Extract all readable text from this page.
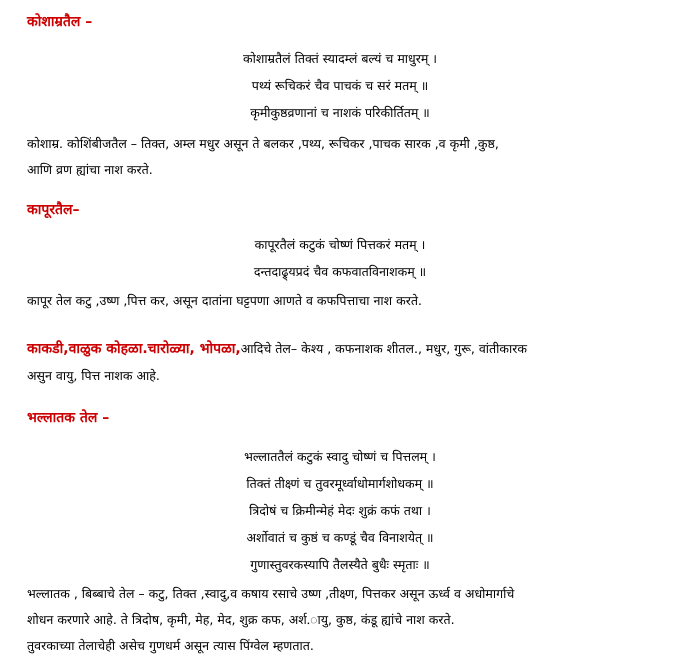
कोशाम्रतैल –
कोशाम्रतैलं तिक्तं स्यादम्लं बल्यं च माधुरम् ।
पथ्यं रूचिकरं चैव पाचकं च सरं मतम् ॥
कृमीकुष्ठव्रणानां च नाशकं परिकीर्तितम् ॥
कोशाम्र. कोशिंबीजतैल – तिक्त, अम्ल मधुर असून ते बलकर ,पथ्य, रूचिकर ,पाचक सारक ,व कृमी ,कुष्ठ,
आणि व्रण ह्यांचा नाश करते.
कापूरतैल–
कापूरतैलं कटुकं चोष्णं पित्तकरं मतम् ।
दन्तदाढ्र्यप्रदं चैव कफवातविनाशकम् ॥
कापूर तेल कटु ,उष्ण ,पित्त कर, असून दातांना घट्टपणा आणते व कफपित्ताचा नाश करते.
काकडी,वाळुक कोहळा.चारोळ्या, भोपळा,आदिचे तेल– केश्य , कफनाशक शीतल., मधुर, गुरू, वांतीकारक
असुन वायु, पित्त नाशक आहे.
भल्लातक तेल –
भल्लाततैलं कटुकं स्वादु चोष्णं च पित्तलम् ।
तिक्तं तीक्ष्णं च तुवरमूर्ध्वाधोमार्गशोधकम् ॥
त्रिदोषं च क्रिमीन्मेहं मेदः शुक्रं कफं तथा ।
अर्शोवातं च कुष्ठं च कण्डूं चैव विनाशयेत् ॥
गुणास्तुवरकस्यापि तैलस्यैते बुधैः स्मृताः ॥
भल्लातक , बिब्बाचे तेल – कटु, तिक्त ,स्वादु,व कषाय रसाचे उष्ण ,तीक्ष्ण, पित्तकर असून ऊर्ध्व व अधोमार्गाचे
शोधन करणारे आहे. ते त्रिदोष, कृमी, मेह, मेद, शुक्र कफ, अर्श.ायु, कुष्ठ, कंडू ह्यांचे नाश करते.
तुवरकाच्या तेलाचेही असेच गुणधर्म असून त्यास पिंग्वेल म्हणतात.
